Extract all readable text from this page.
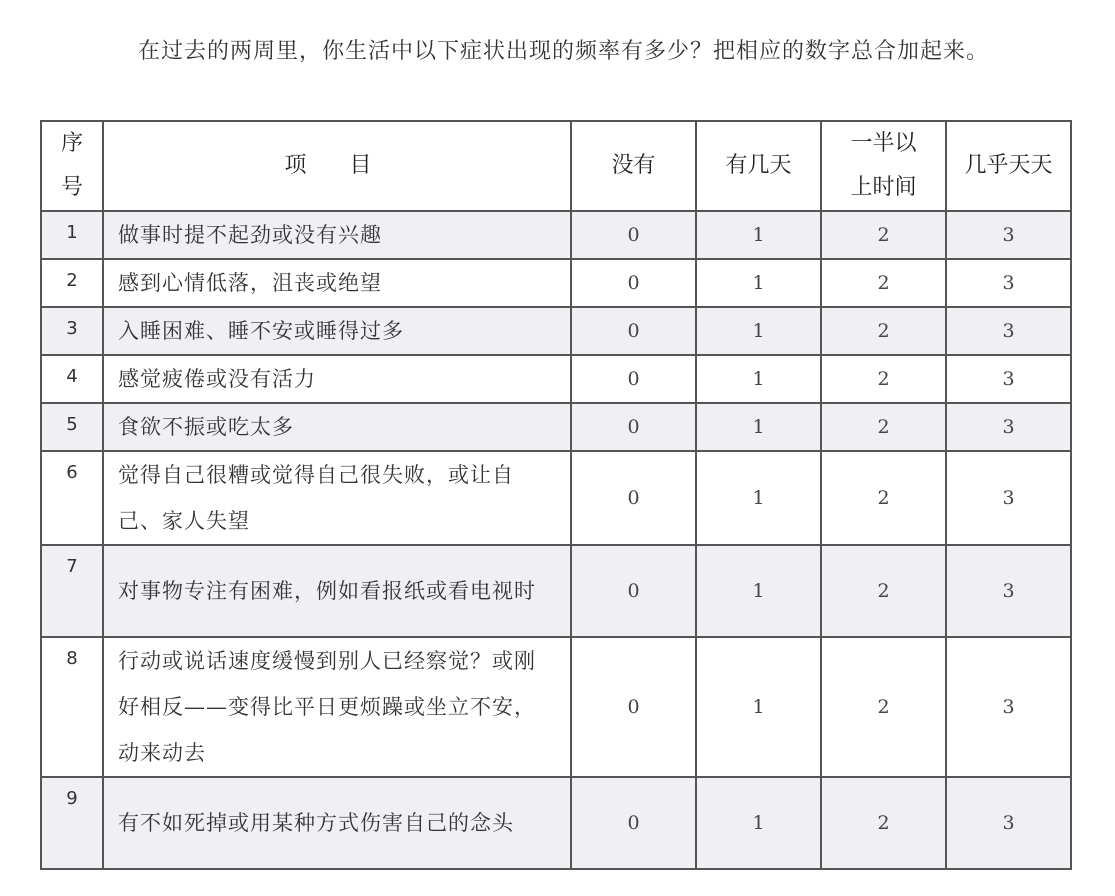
在过去的两周里，你生活中以下症状出现的频率有多少？把相应的数字总合加起来。
序号	项 目	没有	有几天	一半以上时间	几乎天天

1	做事时提不起劲或没有兴趣	0	1	2	3
2	感到心情低落，沮丧或绝望	0	1	2	3
3	入睡困难、睡不安或睡得过多	0	1	2	3
4	感觉疲倦或没有活力	0	1	2	3
5	食欲不振或吃太多	0	1	2	3
6	觉得自己很糟或觉得自己很失败，或让自己、家人失望	0	1	2	3
7	对事物专注有困难，例如看报纸或看电视时	0	1	2	3
8	行动或说话速度缓慢到别人已经察觉？或刚好相反——变得比平日更烦躁或坐立不安，动来动去	0	1	2	3
9	有不如死掉或用某种方式伤害自己的念头	0	1	2	3
